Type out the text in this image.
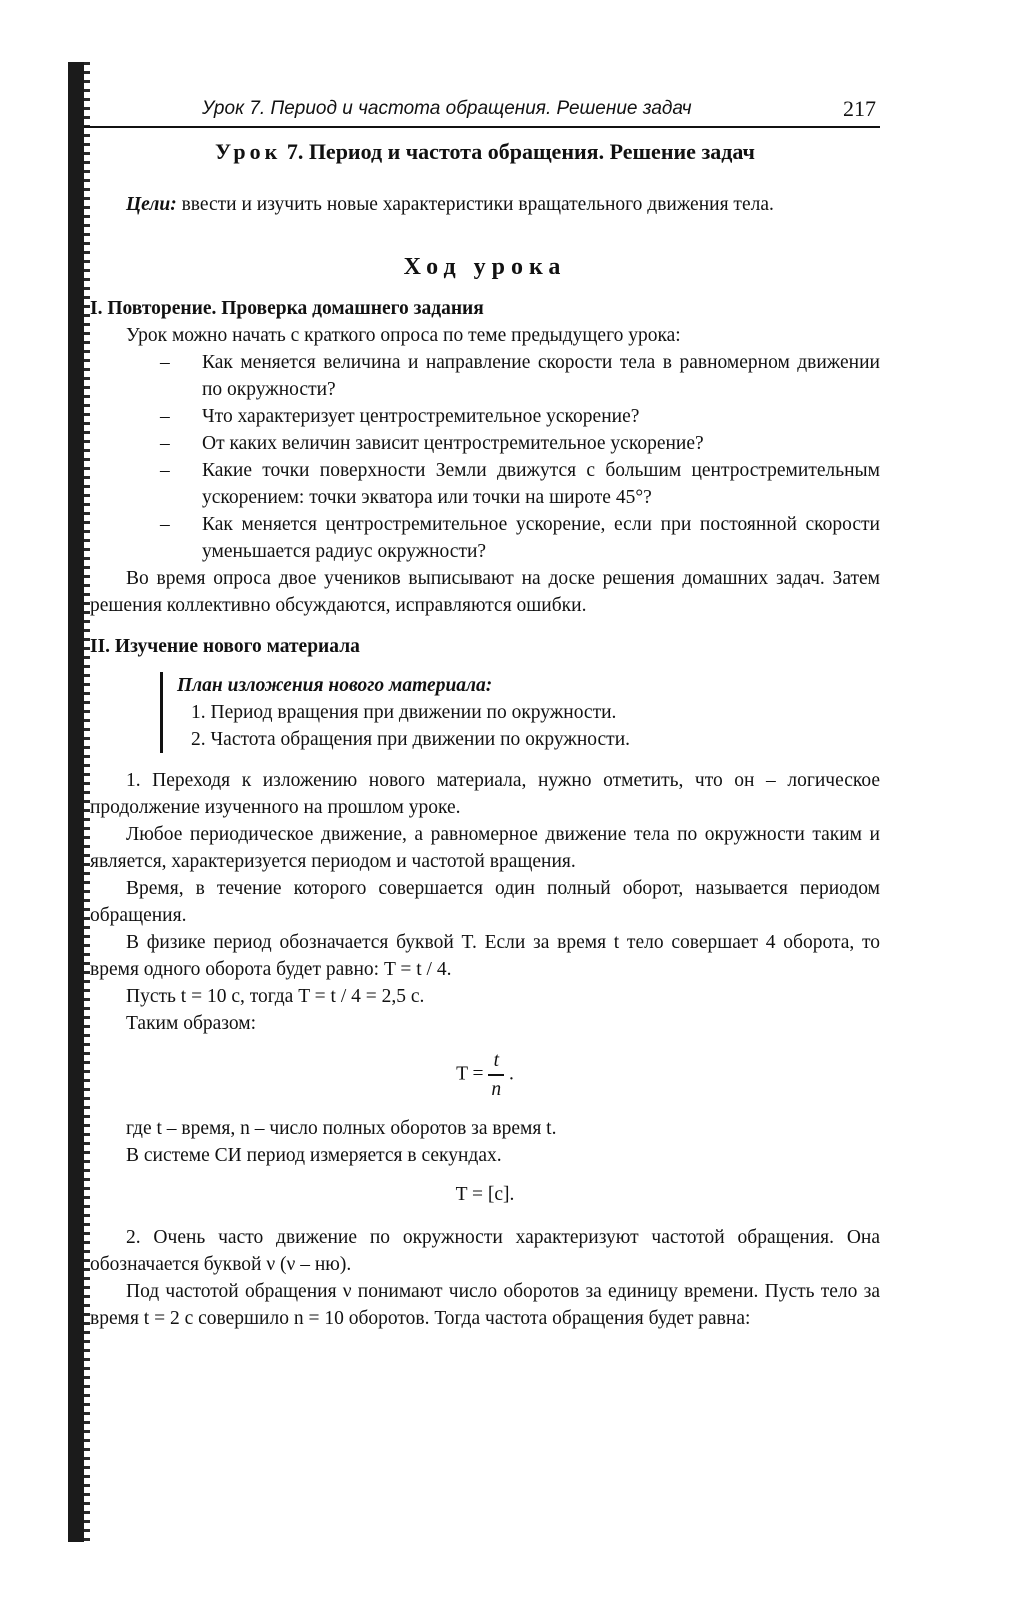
Урок 7. Период и частота обращения. Решение задач	217
Урок 7. Период и частота обращения. Решение задач

Цели: ввести и изучить новые характеристики вращательного движения тела.

Ход урока
I. Повторение. Проверка домашнего задания

Урок можно начать с краткого опроса по теме предыдущего урока:

– Как меняется величина и направление скорости тела в равномерном движении по окружности?
– Что характеризует центростремительное ускорение?
– От каких величин зависит центростремительное ускорение?
– Какие точки поверхности Земли движутся с большим центростремительным ускорением: точки экватора или точки на широте 45°?
– Как меняется центростремительное ускорение, если при постоянной скорости уменьшается радиус окружности?

Во время опроса двое учеников выписывают на доске решения домашних задач. Затем решения коллективно обсуждаются, исправляются ошибки.

II. Изучение нового материала
План изложения нового материала:
1. Период вращения при движении по окружности.
2. Частота обращения при движении по окружности.

1. Переходя к изложению нового материала, нужно отметить, что он – логическое продолжение изученного на прошлом уроке.

Любое периодическое движение, а равномерное движение тела по окружности таким и является, характеризуется периодом и частотой вращения.

Время, в течение которого совершается один полный оборот, называется периодом обращения.

В физике период обозначается буквой T. Если за время t тело совершает 4 оборота, то время одного оборота будет равно: T = t / 4.

Пусть t = 10 с, тогда T = t / 4 = 2,5 с.

Таким образом:

$T = \frac{t}{n}$ .

где t – время, n – число полных оборотов за время t.

В системе СИ период измеряется в секундах.

T = [с].

2. Очень часто движение по окружности характеризуют частотой обращения. Она обозначается буквой ν (ν – ню).

Под частотой обращения ν понимают число оборотов за единицу времени. Пусть тело за время t = 2 с совершило n = 10 оборотов. Тогда частота обращения будет равна:
